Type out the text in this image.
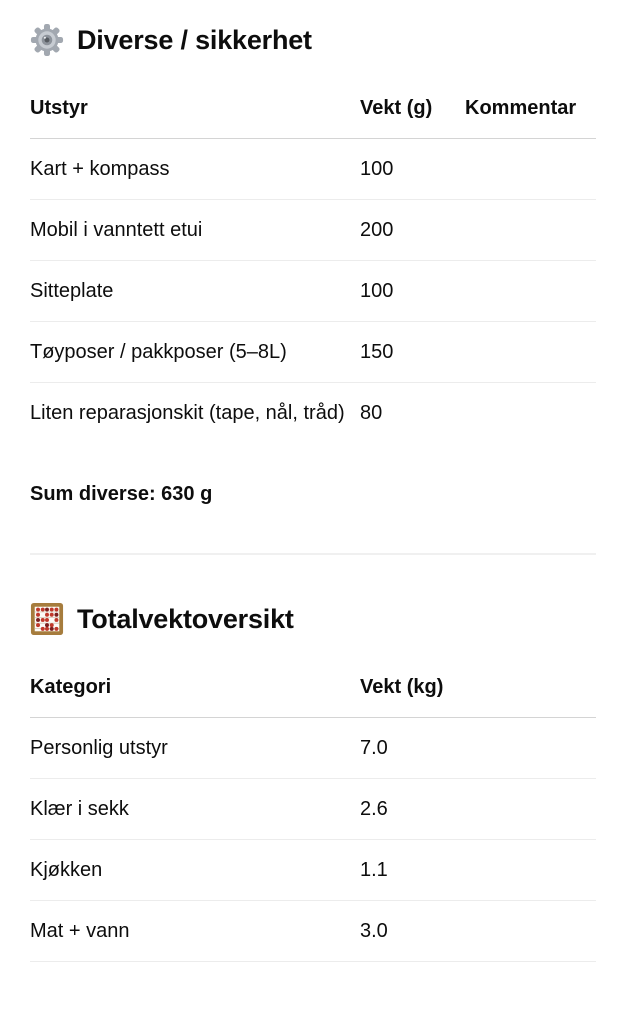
Diverse / sikkerhet
Utstyr	Vekt (g)	Kommentar
Kart + kompass	100	
Mobil i vanntett etui	200	
Sitteplate	100	
Tøyposer / pakkposer (5–8L)	150	
Liten reparasjonskit (tape, nål, tråd)	80	

Sum diverse: 630 g

Totalvektoversikt
Kategori	Vekt (kg)
Personlig utstyr	7.0
Klær i sekk	2.6
Kjøkken	1.1
Mat + vann	3.0
